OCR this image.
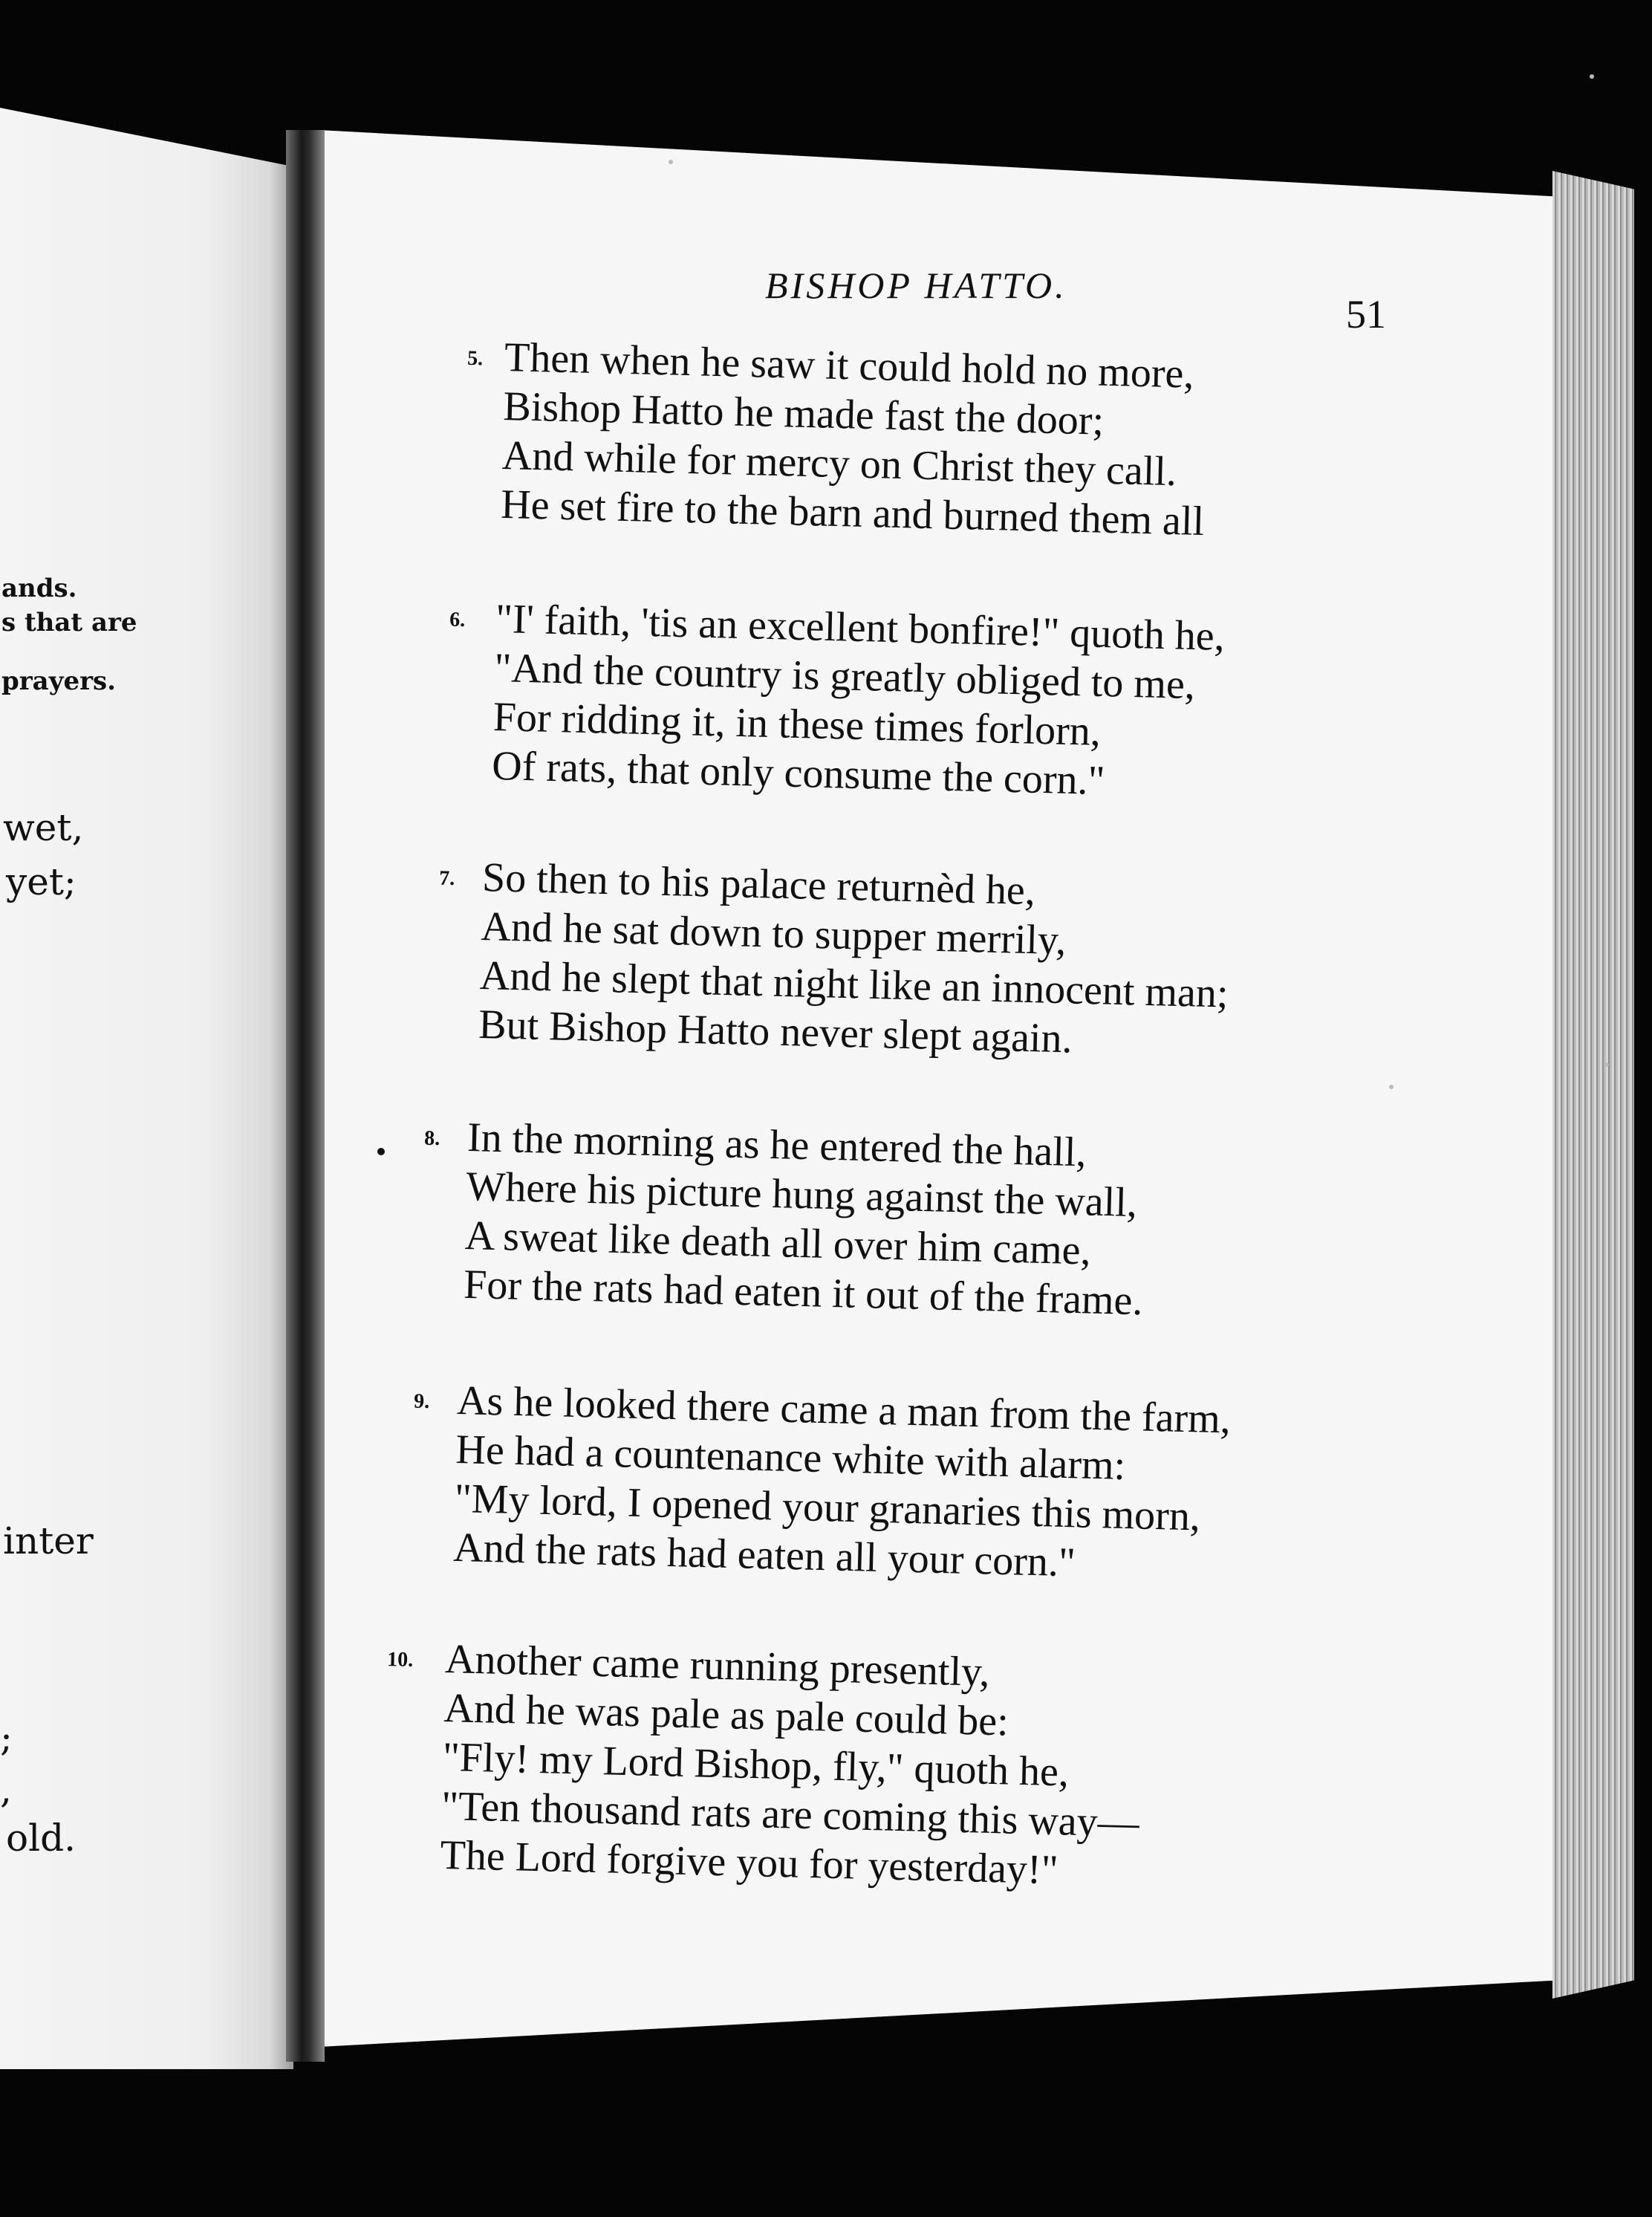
ands.
s that are
prayers.
wet,
yet;
inter
;
,
old.
BISHOP HATTO.
51
5. Then when he saw it could hold no more,
Bishop Hatto he made fast the door;
And while for mercy on Christ they call.
He set fire to the barn and burned them all
6. "I' faith, 'tis an excellent bonfire!" quoth he,
"And the country is greatly obliged to me,
For ridding it, in these times forlorn,
Of rats, that only consume the corn."
7. So then to his palace returnèd he,
And he sat down to supper merrily,
And he slept that night like an innocent man;
But Bishop Hatto never slept again.
8. In the morning as he entered the hall,
Where his picture hung against the wall,
A sweat like death all over him came,
For the rats had eaten it out of the frame.
9. As he looked there came a man from the farm,
He had a countenance white with alarm:
"My lord, I opened your granaries this morn,
And the rats had eaten all your corn."
10. Another came running presently,
And he was pale as pale could be:
"Fly! my Lord Bishop, fly," quoth he,
"Ten thousand rats are coming this way—
The Lord forgive you for yesterday!"
